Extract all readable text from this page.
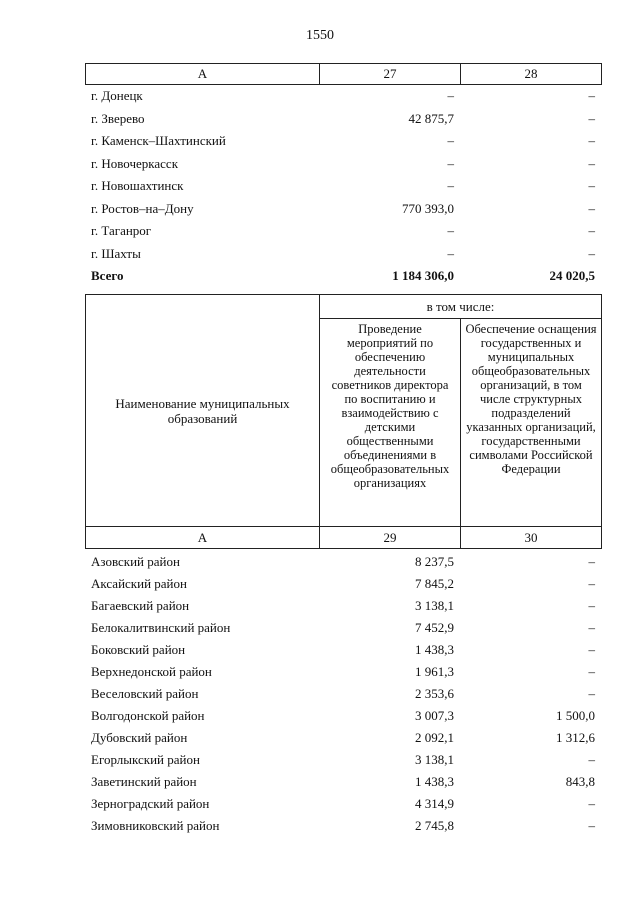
1550
А	27	28
г. Донецк	–	–
г. Зверево	42 875,7	–
г. Каменск–Шахтинский	–	–
г. Новочеркасск	–	–
г. Новошахтинск	–	–
г. Ростов–на–Дону	770 393,0	–
г. Таганрог	–	–
г. Шахты	–	–
Всего	1 184 306,0	24 020,5
Наименование муниципальных образований	в том числе:	
	Проведение мероприятий по обеспечению деятельности советников директора по воспитанию и взаимодействию с детскими общественными объединениями в общеобразовательных организациях	Обеспечение оснащения государственных и муниципальных общеобразовательных организаций, в том числе структурных подразделений указанных организаций, государственными символами Российской Федерации
А	29	30
Азовский район	8 237,5	–
Аксайский район	7 845,2	–
Багаевский район	3 138,1	–
Белокалитвинский район	7 452,9	–
Боковский район	1 438,3	–
Верхнедонской район	1 961,3	–
Веселовский район	2 353,6	–
Волгодонской район	3 007,3	1 500,0
Дубовский район	2 092,1	1 312,6
Егорлыкский район	3 138,1	–
Заветинский район	1 438,3	843,8
Зерноградский район	4 314,9	–
Зимовниковский район	2 745,8	–
